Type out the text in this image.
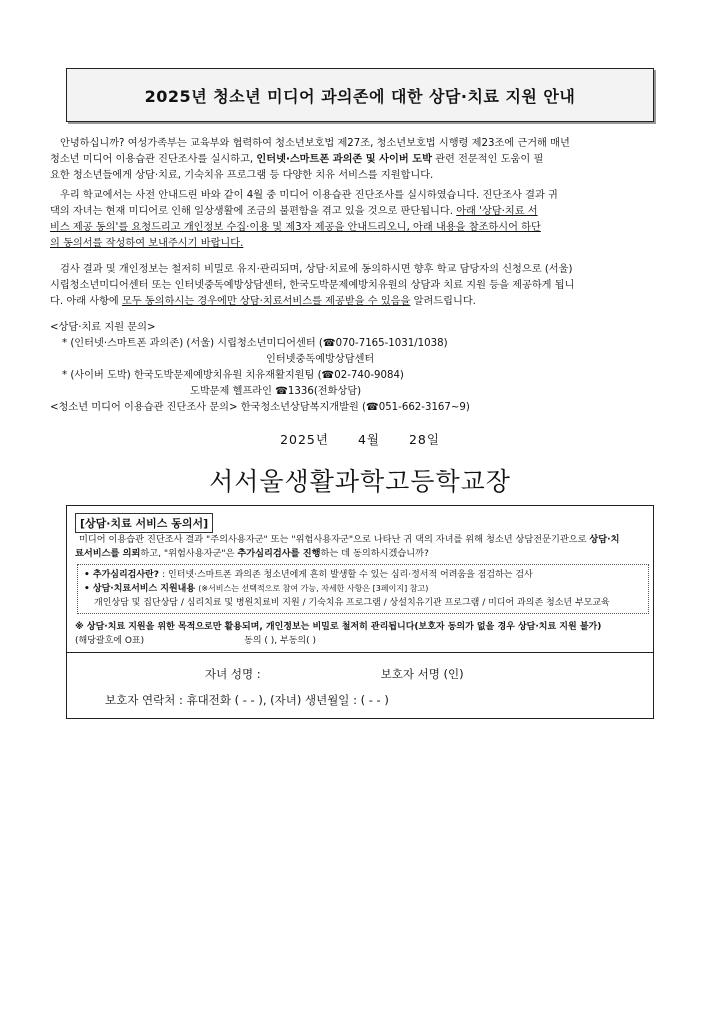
2025년 청소년 미디어 과의존에 대한 상담·치료 지원 안내
안녕하십니까? 여성가족부는 교육부와 협력하여 청소년보호법 제27조, 청소년보호법 시행령 제23조에 근거해 매년
청소년 미디어 이용습관 진단조사를 실시하고, 인터넷·스마트폰 과의존 및 사이버 도박 관련 전문적인 도움이 필
요한 청소년들에게 상담·치료, 기숙치유 프로그램 등 다양한 치유 서비스를 지원합니다.
우리 학교에서는 사전 안내드린 바와 같이 4월 중 미디어 이용습관 진단조사를 실시하였습니다. 진단조사 결과 귀
댁의 자녀는 현재 미디어로 인해 일상생활에 조금의 불편함을 겪고 있을 것으로 판단됩니다. 아래 '상담·치료 서
비스 제공 동의'를 요청드리고 개인정보 수집·이용 및 제3자 제공을 안내드리오니, 아래 내용을 참조하시어 하단
의 동의서를 작성하여 보내주시기 바랍니다.
검사 결과 및 개인정보는 철저히 비밀로 유지·관리되며, 상담·치료에 동의하시면 향후 학교 담당자의 신청으로 (서울)
시립청소년미디어센터 또는 인터넷중독예방상담센터, 한국도박문제예방치유원의 상담과 치료 지원 등을 제공하게 됩니
다. 아래 사항에 모두 동의하시는 경우에만 상담·치료서비스를 제공받을 수 있음을 알려드립니다.
<상담·치료 지원 문의>
* (인터넷·스마트폰 과의존) (서울) 시립청소년미디어센터 (☎070-7165-1031/1038)
인터넷중독예방상담센터
* (사이버 도박) 한국도박문제예방치유원 치유재활지원팀 (☎02-740-9084)
도박문제 헬프라인 ☎1336(전화상담)
<청소년 미디어 이용습관 진단조사 문의> 한국청소년상담복지개발원 (☎051-662-3167~9)
2025년 4월 28일
서서울생활과학고등학교장
[상담·치료 서비스 동의서]
미디어 이용습관 진단조사 결과 "주의사용자군" 또는 "위험사용자군"으로 나타난 귀 댁의 자녀를 위해 청소년 상담전문기관으로 상담·치
료서비스를 의뢰하고, "위험사용자군"은 추가심리검사를 진행하는 데 동의하시겠습니까?
• 추가심리검사란? : 인터넷·스마트폰 과의존 청소년에게 흔히 발생할 수 있는 심리·정서적 어려움을 점검하는 검사
• 상담·치료서비스 지원내용 (※서비스는 선택적으로 참여 가능, 자세한 사항은 [3페이지] 참고)
개인상담 및 집단상담 / 심리치료 및 병원치료비 지원 / 기숙치유 프로그램 / 상설치유기관 프로그램 / 미디어 과의존 청소년 부모교육
※ 상담·치료 지원을 위한 목적으로만 활용되며, 개인정보는 비밀로 철저히 관리됩니다(보호자 동의가 없을 경우 상담·치료 지원 불가)
(해당괄호에 O표)	동의 ( ), 부동의( )
자녀 성명 :	보호자 서명 (인)
보호자 연락처 : 휴대전화 ( - - ), (자녀) 생년월일 : ( - - )
